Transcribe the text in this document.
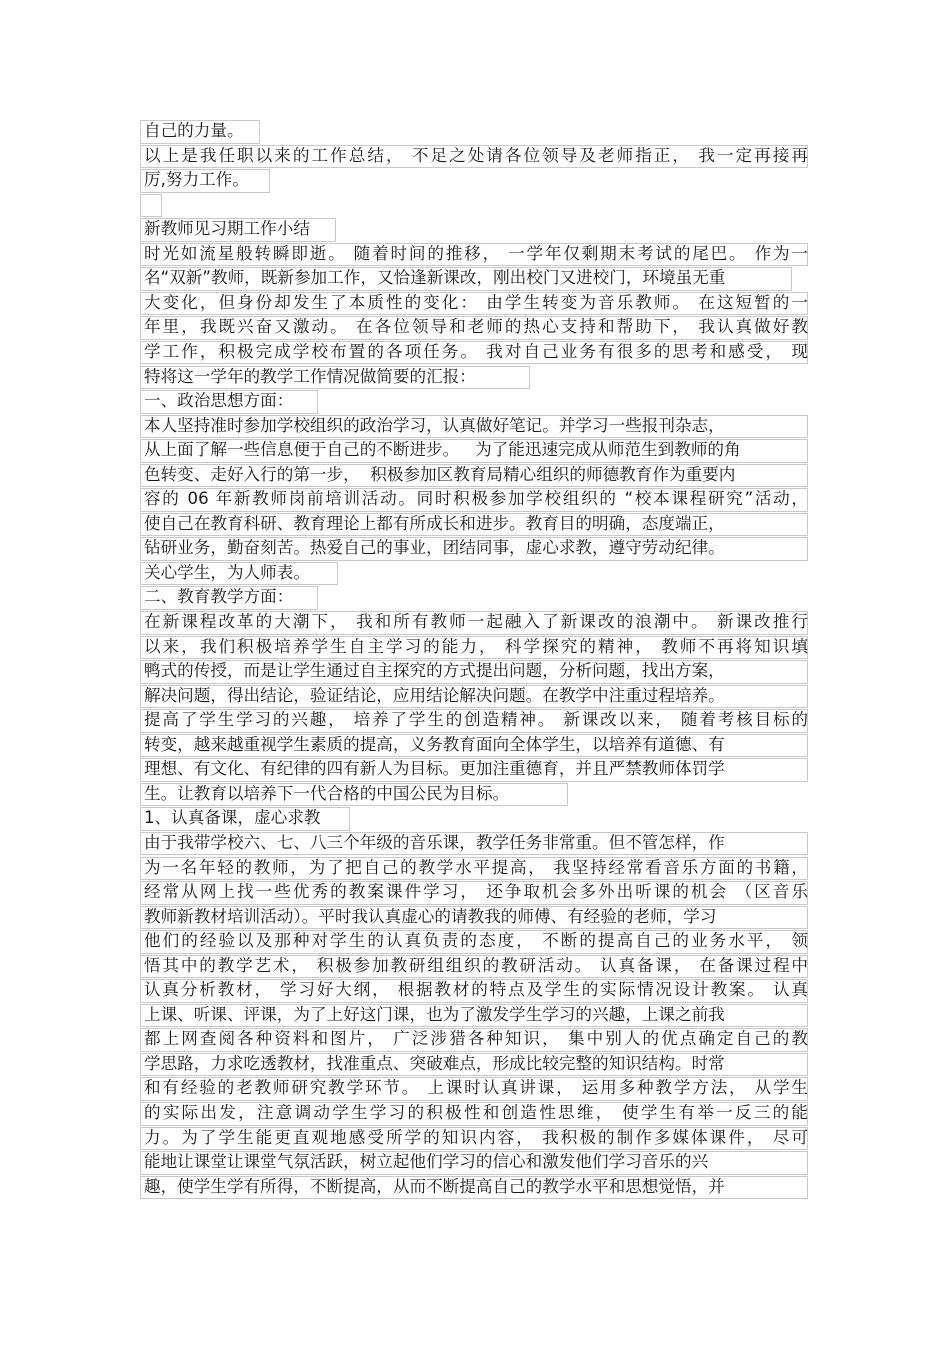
自己的力量。
以上是我任职以来的工作总结， 不足之处请各位领导及老师指正， 我一定再接再
厉,努力工作。
新教师见习期工作小结
时光如流星般转瞬即逝。 随着时间的推移， 一学年仅剩期末考试的尾巴。 作为一
名“双新”教师，既新参加工作，又恰逢新课改，刚出校门又进校门，环境虽无重
大变化，但身份却发生了本质性的变化： 由学生转变为音乐教师。 在这短暂的一
年里，我既兴奋又激动。 在各位领导和老师的热心支持和帮助下， 我认真做好教
学工作，积极完成学校布置的各项任务。 我对自己业务有很多的思考和感受， 现
特将这一学年的教学工作情况做简要的汇报：
一、政治思想方面：
本人坚持准时参加学校组织的政治学习，认真做好笔记。并学习一些报刊杂志，
从上面了解一些信息便于自己的不断进步。   为了能迅速完成从师范生到教师的角
色转变、走好入行的第一步，  积极参加区教育局精心组织的师德教育作为重要内
容的 06 年新教师岗前培训活动。同时积极参加学校组织的 “校本课程研究”活动，
使自己在教育科研、教育理论上都有所成长和进步。教育目的明确，态度端正，
钻研业务，勤奋刻苦。热爱自己的事业，团结同事，虚心求教，遵守劳动纪律。
关心学生，为人师表。
二、教育教学方面：
在新课程改革的大潮下， 我和所有教师一起融入了新课改的浪潮中。 新课改推行
以来，我们积极培养学生自主学习的能力， 科学探究的精神， 教师不再将知识填
鸭式的传授，而是让学生通过自主探究的方式提出问题，分析问题，找出方案，
解决问题，得出结论，验证结论，应用结论解决问题。在教学中注重过程培养。
提高了学生学习的兴趣， 培养了学生的创造精神。 新课改以来， 随着考核目标的
转变，越来越重视学生素质的提高，义务教育面向全体学生，以培养有道德、有
理想、有文化、有纪律的四有新人为目标。更加注重德育，并且严禁教师体罚学
生。让教育以培养下一代合格的中国公民为目标。
1、认真备课，虚心求教
由于我带学校六、七、八三个年级的音乐课，教学任务非常重。但不管怎样，作
为一名年轻的教师，为了把自己的教学水平提高， 我坚持经常看音乐方面的书籍，
经常从网上找一些优秀的教案课件学习， 还争取机会多外出听课的机会 （区音乐
教师新教材培训活动）。平时我认真虚心的请教我的师傅、有经验的老师，学习
他们的经验以及那种对学生的认真负责的态度， 不断的提高自己的业务水平， 领
悟其中的教学艺术， 积极参加教研组组织的教研活动。 认真备课， 在备课过程中
认真分析教材， 学习好大纲， 根据教材的特点及学生的实际情况设计教案。 认真
上课、听课、评课，为了上好这门课，也为了激发学生学习的兴趣，上课之前我
都上网查阅各种资料和图片， 广泛涉猎各种知识， 集中别人的优点确定自己的教
学思路，力求吃透教材，找准重点、突破难点，形成比较完整的知识结构。时常
和有经验的老教师研究教学环节。 上课时认真讲课， 运用多种教学方法， 从学生
的实际出发，注意调动学生学习的积极性和创造性思维， 使学生有举一反三的能
力。为了学生能更直观地感受所学的知识内容， 我积极的制作多媒体课件， 尽可
能地让课堂让课堂气氛活跃，树立起他们学习的信心和激发他们学习音乐的兴
趣，使学生学有所得，不断提高，从而不断提高自己的教学水平和思想觉悟，并
